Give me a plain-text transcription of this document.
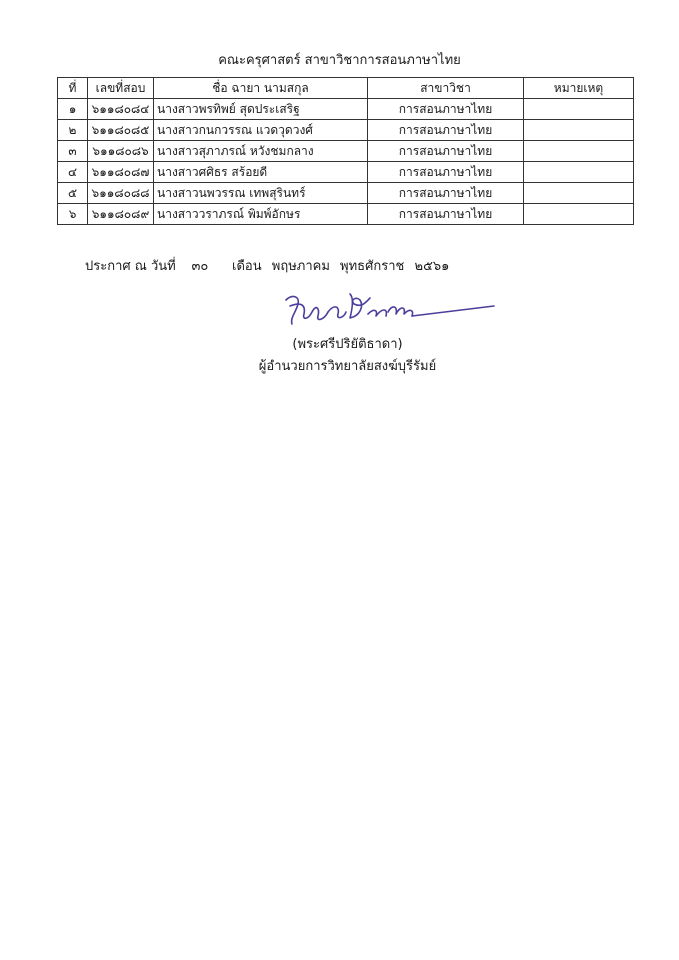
คณะครุศาสตร์ สาขาวิชาการสอนภาษาไทย
ที่	เลขที่สอบ	ชื่อ ฉายา นามสกุล	สาขาวิชา	หมายเหตุ
๑	๖๑๑๘๐๘๔	นางสาวพรทิพย์ สุดประเสริฐ	การสอนภาษาไทย	
๒	๖๑๑๘๐๘๕	นางสาวกนกวรรณ แวดวุดวงศ์	การสอนภาษาไทย	
๓	๖๑๑๘๐๘๖	นางสาวสุภาภรณ์ หวังชมกลาง	การสอนภาษาไทย	
๔	๖๑๑๘๐๘๗	นางสาวศศิธร สร้อยดี	การสอนภาษาไทย	
๕	๖๑๑๘๐๘๘	นางสาวนพวรรณ เทพสุรินทร์	การสอนภาษาไทย	
๖	๖๑๑๘๐๘๙	นางสาววราภรณ์ พิมพ์อักษร	การสอนภาษาไทย	
ประกาศ ณ วันที่ ๓๐ เดือน พฤษภาคม พุทธศักราช ๒๕๖๑
(พระศรีปริยัติธาดา)
ผู้อำนวยการวิทยาลัยสงฆ์บุรีรัมย์
